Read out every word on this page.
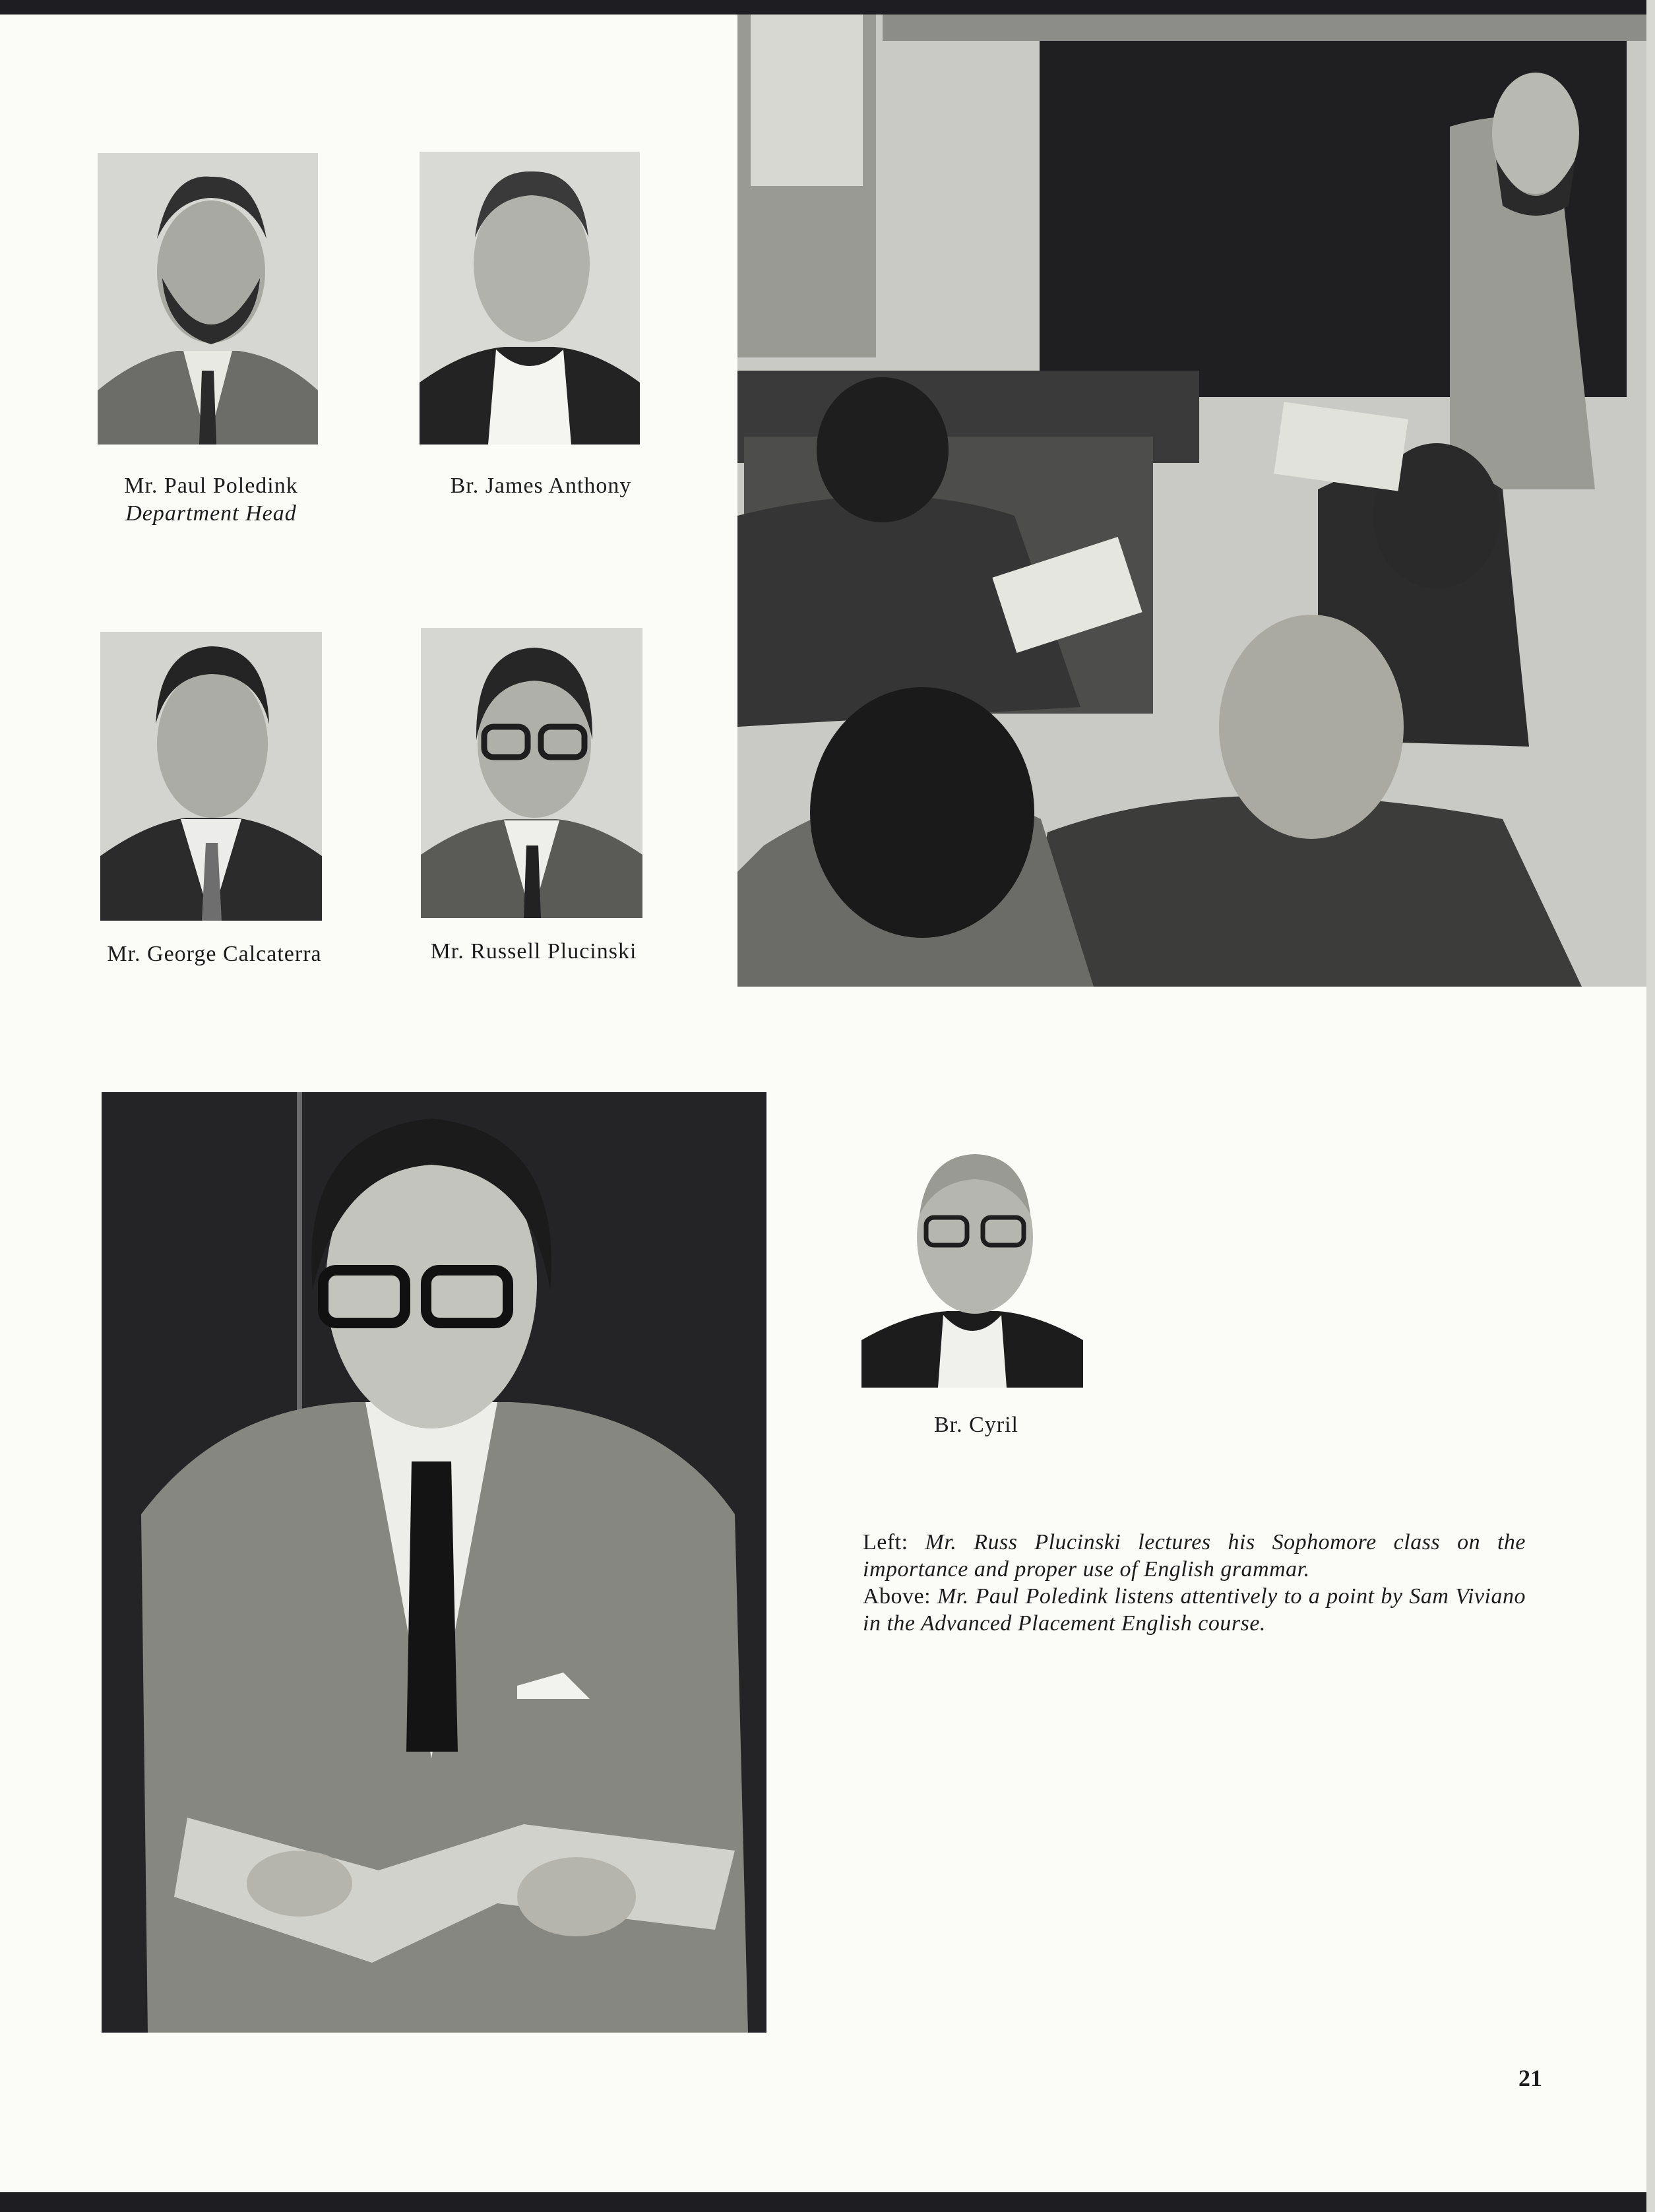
Mr. Paul Poledink
Department Head
Br. James Anthony
Mr. George Calcaterra	Mr. Russell Plucinski
Br. Cyril

Left: Mr. Russ Plucinski lectures his Sophomore class on the importance and proper use of English grammar.

Above: Mr. Paul Poledink listens attentively to a point by Sam Viviano in the Advanced Placement English course.

21
